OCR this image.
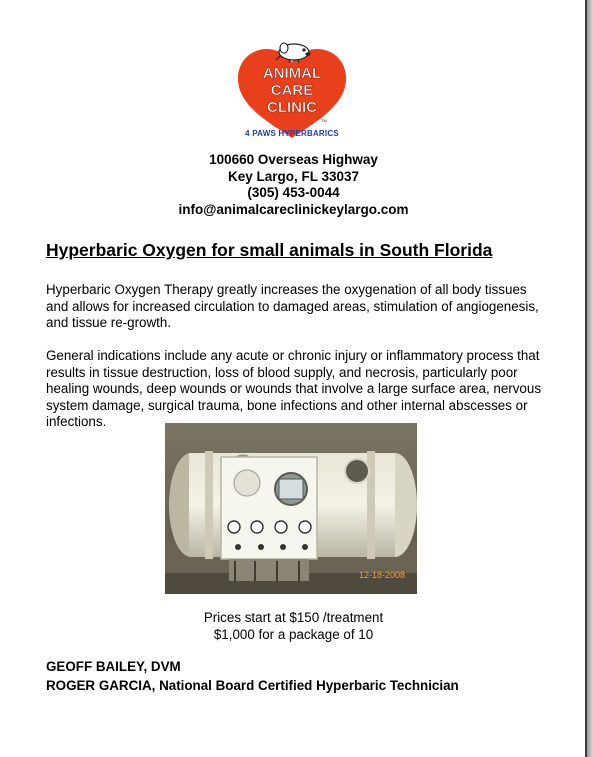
ANIMAL
CARE
CLINIC
TM
4 PAWS HYPERBARICS
100660 Overseas Highway
Key Largo, FL 33037
(305) 453-0044
info@animalcareclinickeylargo.com
Hyperbaric Oxygen for small animals in South Florida
Hyperbaric Oxygen Therapy greatly increases the oxygenation of all body tissues and allows for increased circulation to damaged areas, stimulation of angiogenesis, and tissue re-growth.
General indications include any acute or chronic injury or inflammatory process that results in tissue destruction, loss of blood supply, and necrosis, particularly poor healing wounds, deep wounds or wounds that involve a large surface area, nervous system damage, surgical trauma, bone infections and other internal abscesses or infections.
12-18-2008
Prices start at $150 /treatment
$1,000 for a package of 10
GEOFF BAILEY, DVM
ROGER GARCIA, National Board Certified Hyperbaric Technician
